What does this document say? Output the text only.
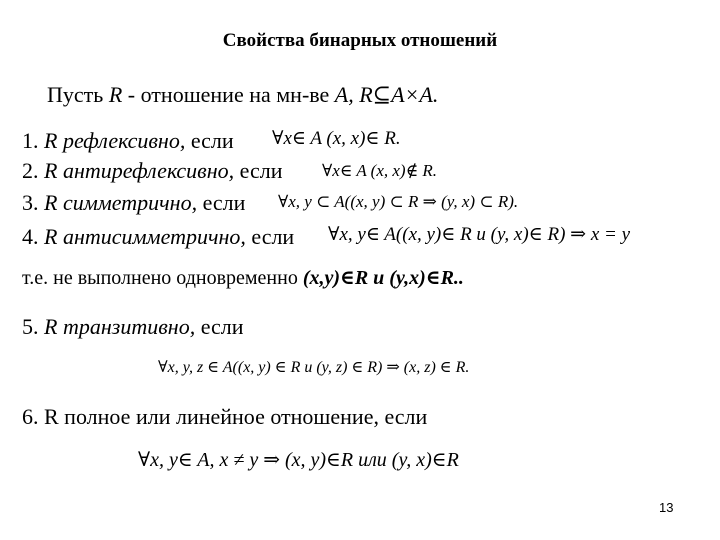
Свойства бинарных отношений
Пусть R - отношение на мн-ве A, R⊆A×A.
1. R рефлексивно, если ∀x∈ A (x, x)∈ R.
2. R антирефлексивно, если ∀x∈ A (x, x)∉ R.
3. R симметрично, если ∀x, y ⊂ A((x, y) ⊂ R ⇒ (y, x) ⊂ R).
4. R антисимметрично, если ∀x, y∈ A((x, y)∈ R и (y, x)∈ R) ⇒ x = y
т.е. не выполнено одновременно (x,y)∈R и (y,x)∈R..
5. R транзитивно, если
∀x, y, z ∈ A((x, y) ∈ R и (y, z) ∈ R) ⇒ (x, z) ∈ R.
6. R полное или линейное отношение, если
∀x, y∈ A, x ≠ y ⇒ (x, y)∈R или (y, x)∈R
13
